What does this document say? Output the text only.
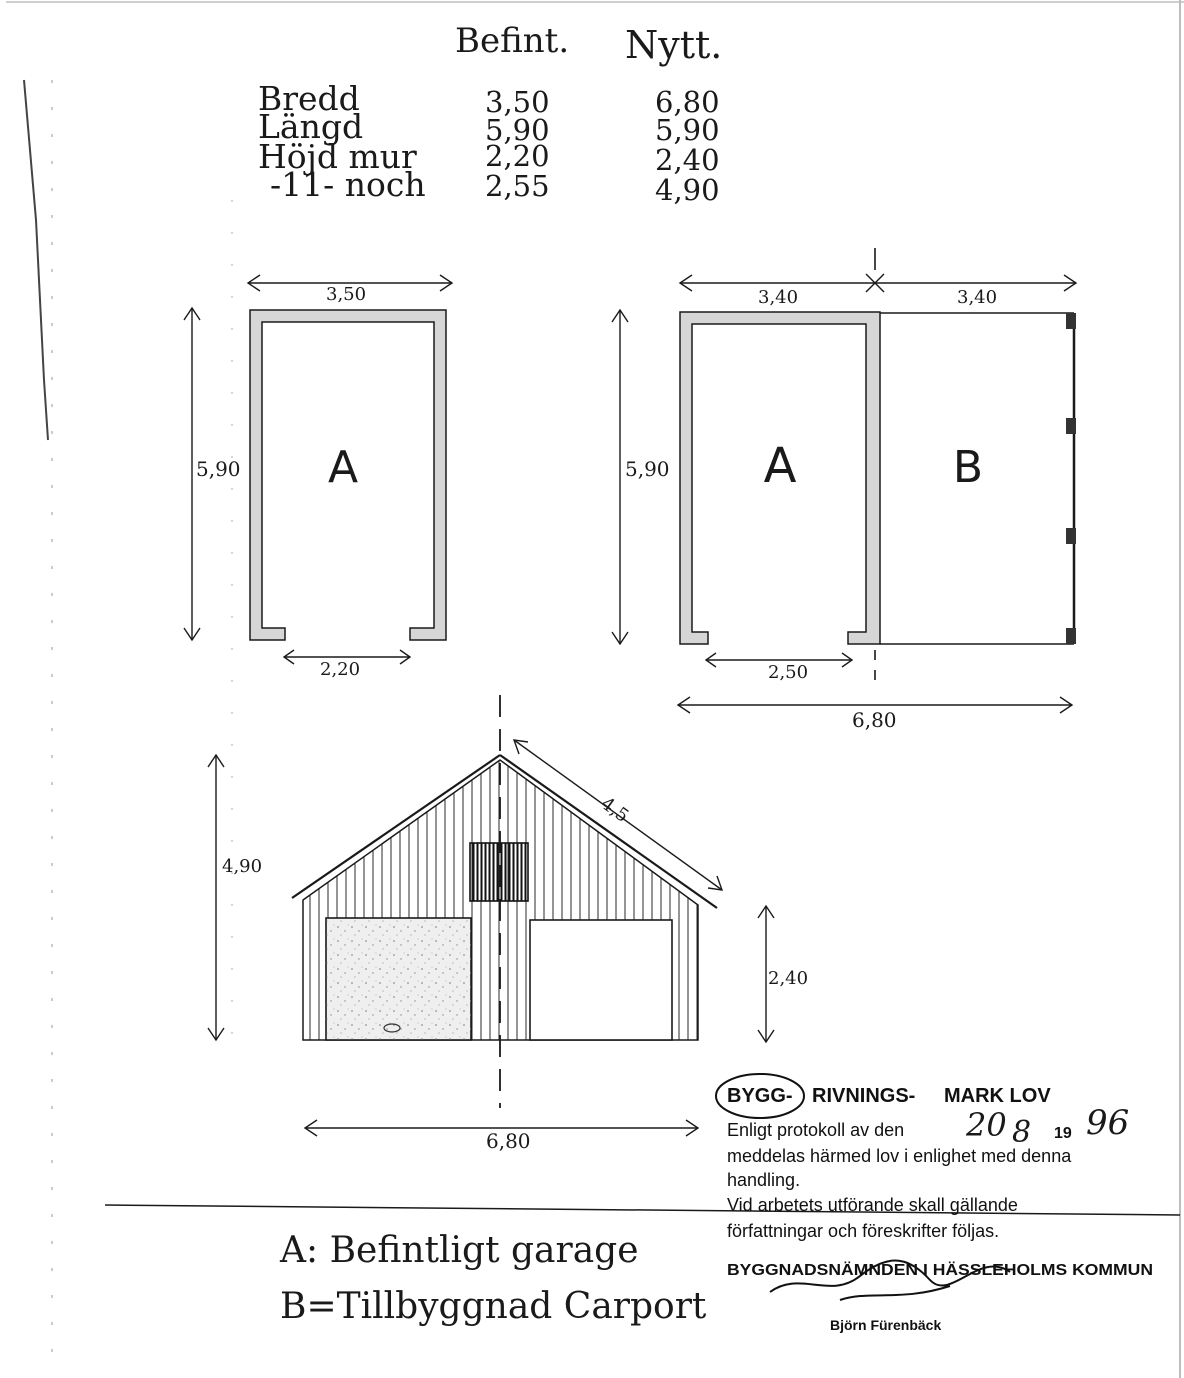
Befint. Nytt.
Bredd	3,50	6,80
Längd	5,90	5,90
Höjd mur 2,20	2,40
-11- noch 2,55	4,90
3,50
A
5,90
2,20
3,40	3,40
A	B
5,90
2,50
6,80
4,90
4,5
2,40
6,80
A: Befintligt garage
B=Tillbyggnad Carport
BYGG- RIVNINGS- MARK LOV
Enligt protokoll av den 20 8 19 96
meddelas härmed lov i enlighet med denna
handling.
Vid arbetets utförande skall gällande
författningar och föreskrifter följas.
BYGGNADSNÄMNDEN I HÄSSLEHOLMS KOMMUN
Björn Fürenbäck
